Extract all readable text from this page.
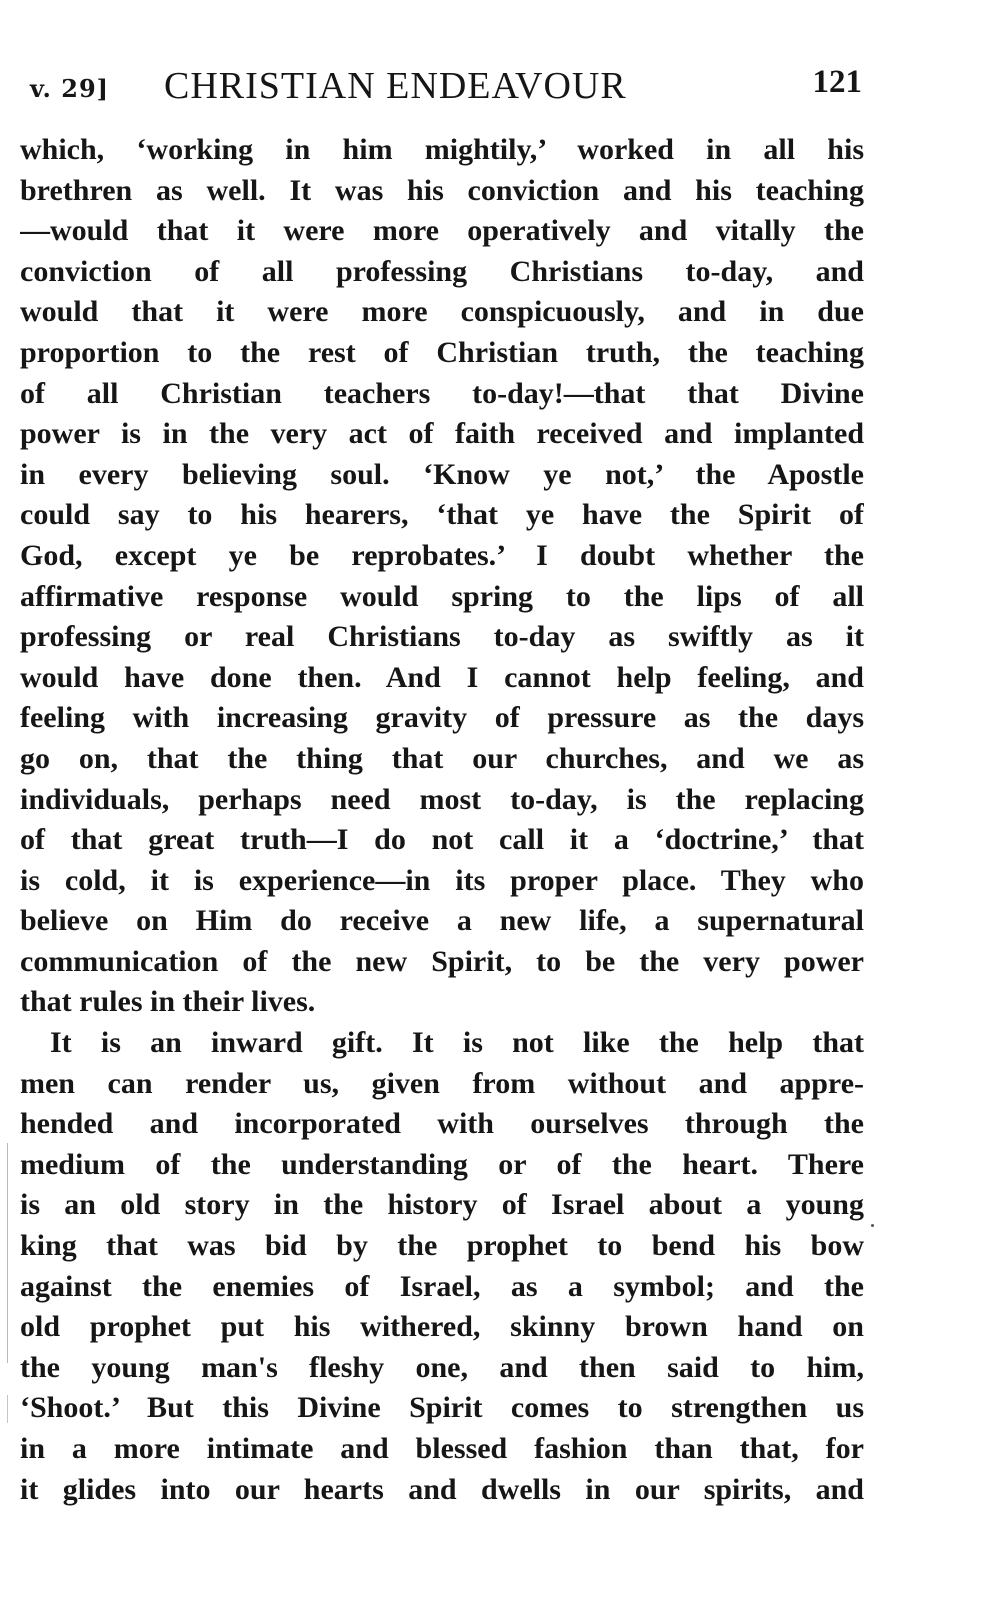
v. 29] CHRISTIAN ENDEAVOUR	121
which, ‘working in him mightily,’ worked in all his
brethren as well. It was his conviction and his teaching
—would that it were more operatively and vitally the
conviction of all professing Christians to-day, and
would that it were more conspicuously, and in due
proportion to the rest of Christian truth, the teaching
of all Christian teachers to-day!—that that Divine
power is in the very act of faith received and implanted
in every believing soul. ‘Know ye not,’ the Apostle
could say to his hearers, ‘that ye have the Spirit of
God, except ye be reprobates.’ I doubt whether the
affirmative response would spring to the lips of all
professing or real Christians to-day as swiftly as it
would have done then. And I cannot help feeling, and
feeling with increasing gravity of pressure as the days
go on, that the thing that our churches, and we as
individuals, perhaps need most to-day, is the replacing
of that great truth—I do not call it a ‘doctrine,’ that
is cold, it is experience—in its proper place. They who
believe on Him do receive a new life, a supernatural
communication of the new Spirit, to be the very power
that rules in their lives.
It is an inward gift. It is not like the help that
men can render us, given from without and appre-
hended and incorporated with ourselves through the
medium of the understanding or of the heart. There
is an old story in the history of Israel about a young
king that was bid by the prophet to bend his bow
against the enemies of Israel, as a symbol; and the
old prophet put his withered, skinny brown hand on
the young man's fleshy one, and then said to him,
‘Shoot.’ But this Divine Spirit comes to strengthen us
in a more intimate and blessed fashion than that, for
it glides into our hearts and dwells in our spirits, and
